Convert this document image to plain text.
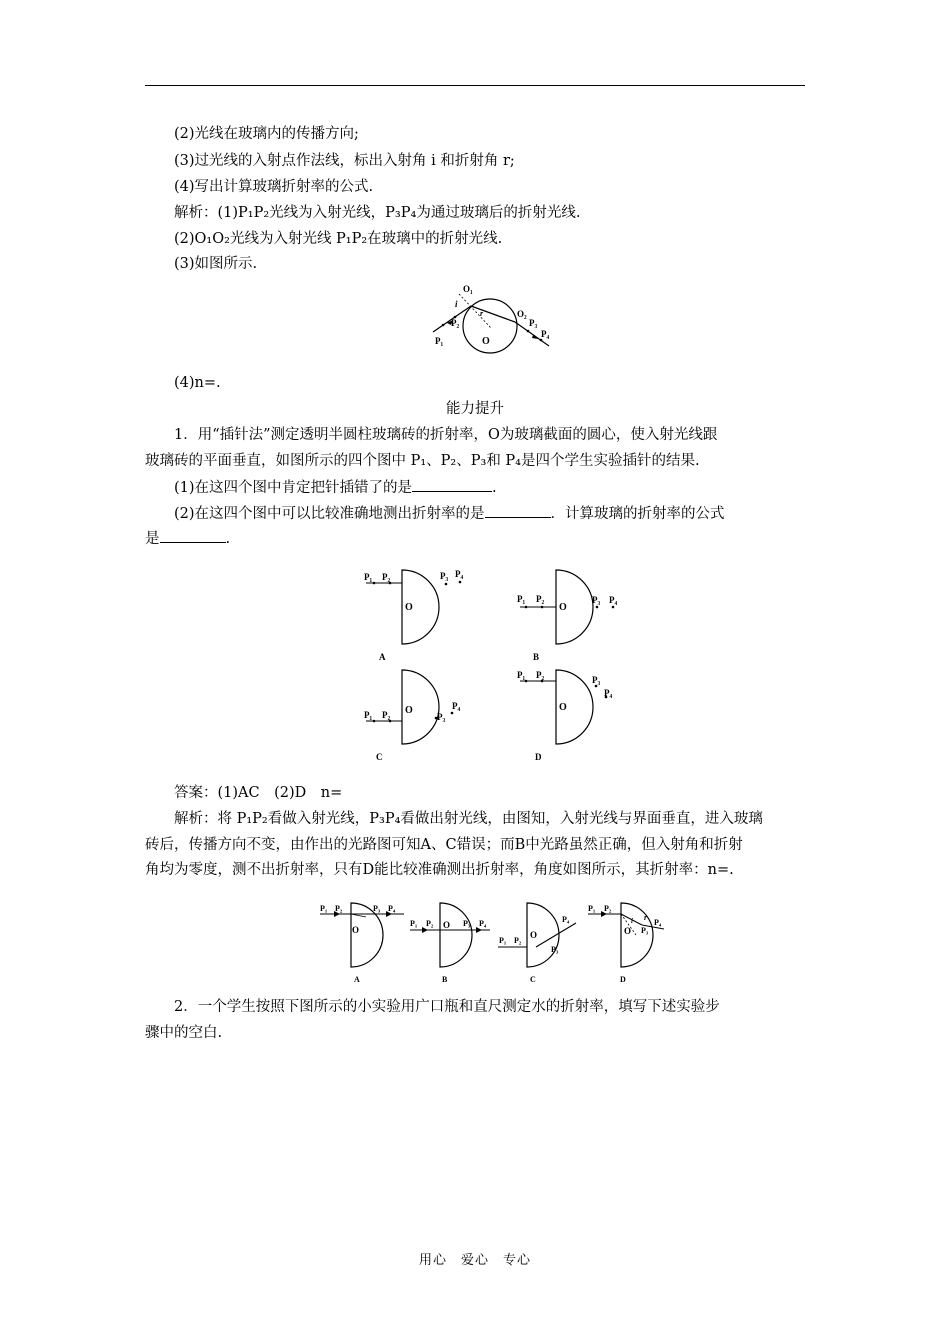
(2)光线在玻璃内的传播方向;
(3)过光线的入射点作法线，标出入射角 i 和折射角 r;
(4)写出计算玻璃折射率的公式.
解析：(1)P₁P₂光线为入射光线，P₃P₄为通过玻璃后的折射光线.
(2)O₁O₂光线为入射光线 P₁P₂在玻璃中的折射光线.
(3)如图所示.
O₁
i
r	O₂
P₃
P₄
P₁
P₂
O
(4)n=.
能力提升
1．用“插针法”测定透明半圆柱玻璃砖的折射率，O为玻璃截面的圆心，使入射光线跟
玻璃砖的平面垂直，如图所示的四个图中 P₁、P₂、P₃和 P₄是四个学生实验插针的结果.
(1)在这四个图中肯定把针插错了的是	.
(2)在这四个图中可以比较准确地测出折射率的是	．计算玻璃的折射率的公式
是	.
P₁ P₂	P₃ P₄
O
A
P₁ P₂	P₃ P₄
O
B
P₁ P₂	P₃
P₄
O
C
P₁ P₂	P₃
P₄
O
D
答案：(1)AC　(2)D　n=
解析：将 P₁P₂看做入射光线，P₃P₄看做出射光线，由图知，入射光线与界面垂直，进入玻璃
砖后，传播方向不变，由作出的光路图可知A、C错误；而B中光路虽然正确，但入射角和折射
角均为零度，测不出折射率，只有D能比较准确测出折射率，角度如图所示，其折射率：n=.
P₁ P₂	P₃ P₄
O
A
P₁ P₂ O P₃ P₄
B
P₁ P₂
O
P₃
P₄
C
P₁ P₂
O
i r
P₃
P₄
D
2．一个学生按照下图所示的小实验用广口瓶和直尺测定水的折射率，填写下述实验步
骤中的空白.
用心　爱心　专心
